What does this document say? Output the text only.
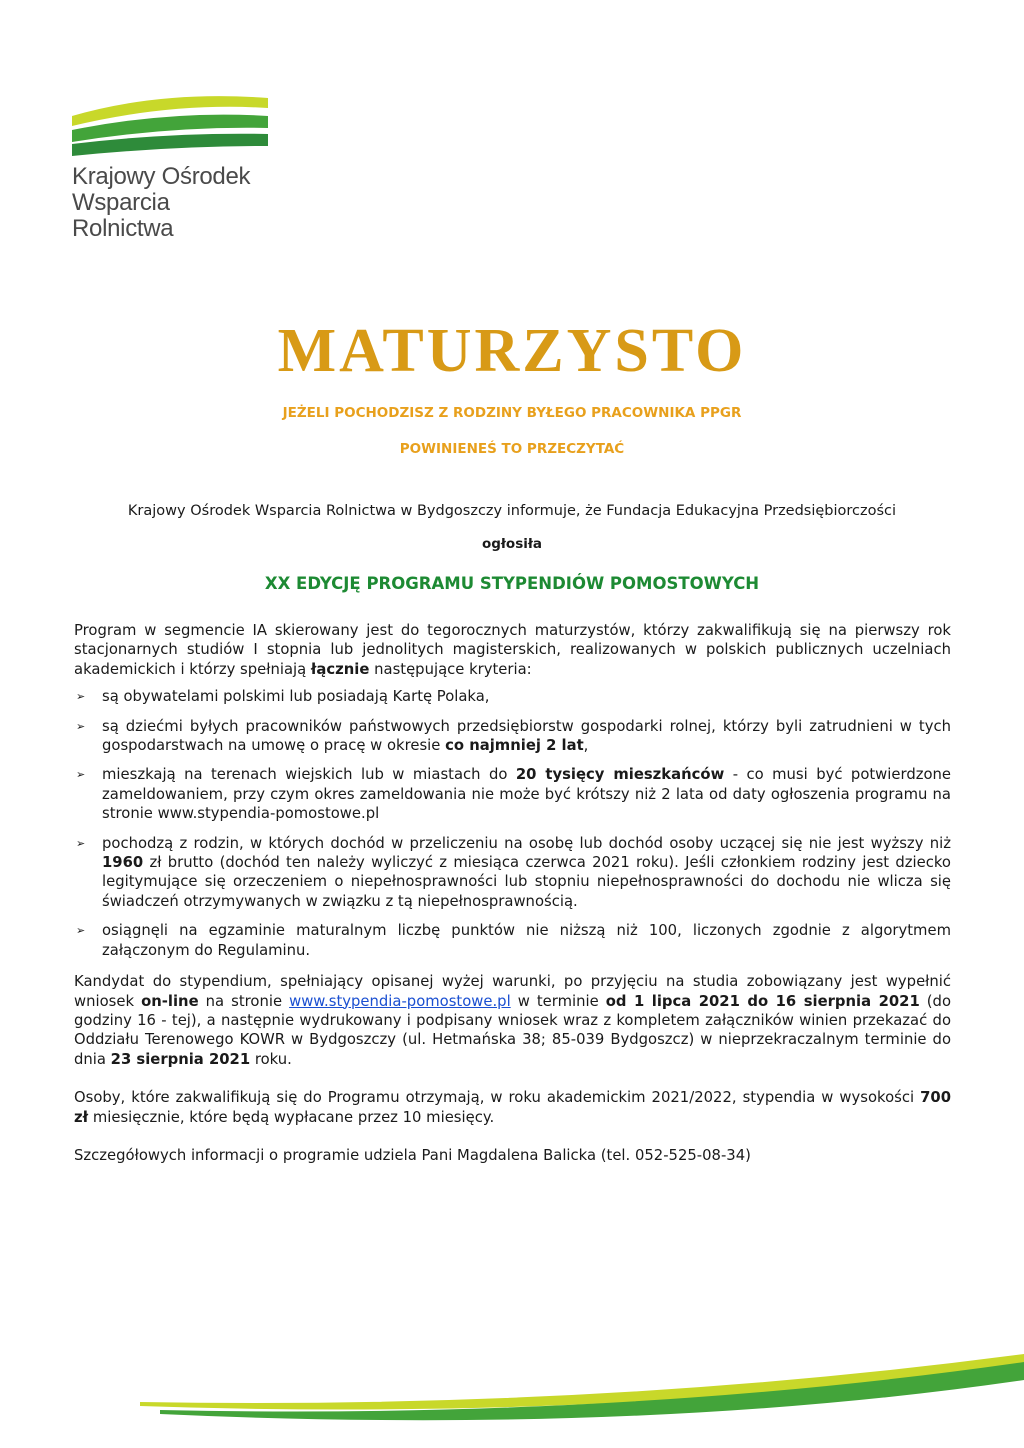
Krajowy Ośrodek
Wsparcia Rolnictwa
MATURZYSTO
JEŻELI POCHODZISZ Z RODZINY BYŁEGO PRACOWNIKA PPGR
POWINIENEŚ TO PRZECZYTAĆ
Krajowy Ośrodek Wsparcia Rolnictwa w Bydgoszczy informuje, że Fundacja Edukacyjna Przedsiębiorczości
ogłosiła
XX EDYCJĘ PROGRAMU STYPENDIÓW POMOSTOWYCH

Program w segmencie IA skierowany jest do tegorocznych maturzystów, którzy zakwalifikują się na pierwszy rok stacjonarnych studiów I stopnia lub jednolitych magisterskich, realizowanych w polskich publicznych uczelniach akademickich i którzy spełniają łącznie następujące kryteria:

➢ są obywatelami polskimi lub posiadają Kartę Polaka,
➢ są dziećmi byłych pracowników państwowych przedsiębiorstw gospodarki rolnej, którzy byli zatrudnieni w tych gospodarstwach na umowę o pracę w okresie co najmniej 2 lat,
➢ mieszkają na terenach wiejskich lub w miastach do 20 tysięcy mieszkańców - co musi być potwierdzone zameldowaniem, przy czym okres zameldowania nie może być krótszy niż 2 lata od daty ogłoszenia programu na stronie www.stypendia-pomostowe.pl
➢ pochodzą z rodzin, w których dochód w przeliczeniu na osobę lub dochód osoby uczącej się nie jest wyższy niż 1960 zł brutto (dochód ten należy wyliczyć z miesiąca czerwca 2021 roku). Jeśli członkiem rodziny jest dziecko legitymujące się orzeczeniem o niepełnosprawności lub stopniu niepełnosprawności do dochodu nie wlicza się świadczeń otrzymywanych w związku z tą niepełnosprawnością.
➢ osiągnęli na egzaminie maturalnym liczbę punktów nie niższą niż 100, liczonych zgodnie z algorytmem załączonym do Regulaminu.

Kandydat do stypendium, spełniający opisanej wyżej warunki, po przyjęciu na studia zobowiązany jest wypełnić wniosek on-line na stronie www.stypendia-pomostowe.pl w terminie od 1 lipca 2021 do 16 sierpnia 2021 (do godziny 16 - tej), a następnie wydrukowany i podpisany wniosek wraz z kompletem załączników winien przekazać do Oddziału Terenowego KOWR w Bydgoszczy (ul. Hetmańska 38; 85-039 Bydgoszcz) w nieprzekraczalnym terminie do dnia 23 sierpnia 2021 roku.

Osoby, które zakwalifikują się do Programu otrzymają, w roku akademickim 2021/2022, stypendia w wysokości 700 zł miesięcznie, które będą wypłacane przez 10 miesięcy.

Szczegółowych informacji o programie udziela Pani Magdalena Balicka (tel. 052-525-08-34)
